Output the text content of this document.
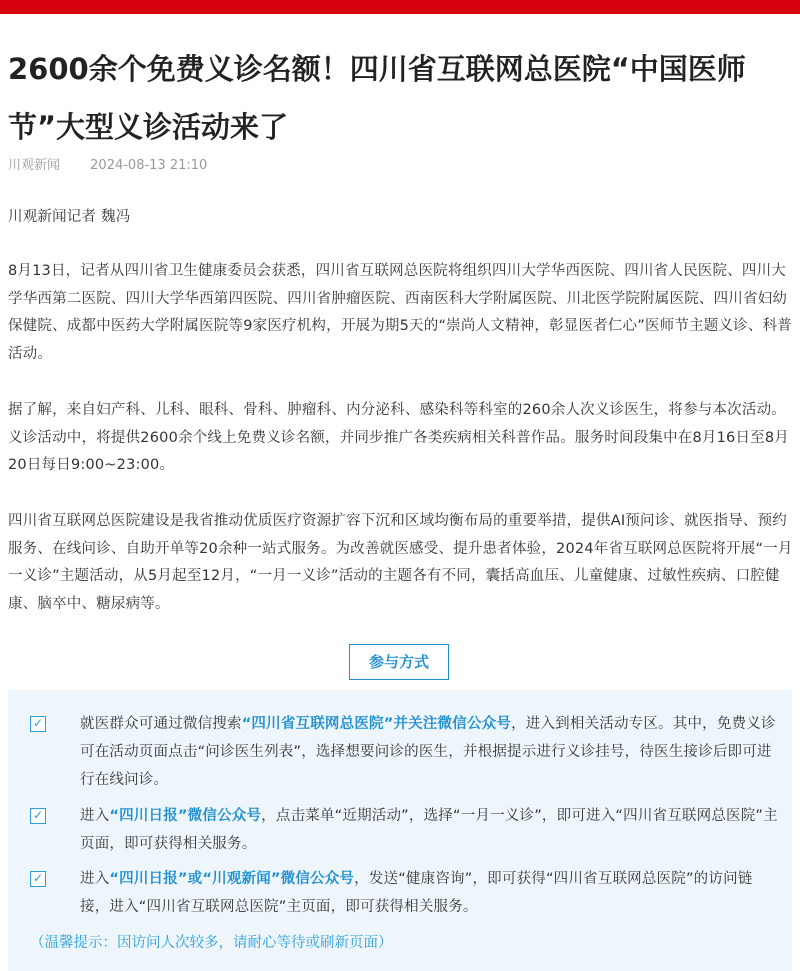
2600余个免费义诊名额！四川省互联网总医院“中国医师节”大型义诊活动来了
川观新闻 2024-08-13 21:10

川观新闻记者 魏冯

8月13日，记者从四川省卫生健康委员会获悉，四川省互联网总医院将组织四川大学华西医院、四川省人民医院、四川大学华西第二医院、四川大学华西第四医院、四川省肿瘤医院、西南医科大学附属医院、川北医学院附属医院、四川省妇幼保健院、成都中医药大学附属医院等9家医疗机构，开展为期5天的“崇尚人文精神，彰显医者仁心”医师节主题义诊、科普活动。

据了解，来自妇产科、儿科、眼科、骨科、肿瘤科、内分泌科、感染科等科室的260余人次义诊医生，将参与本次活动。义诊活动中，将提供2600余个线上免费义诊名额，并同步推广各类疾病相关科普作品。服务时间段集中在8月16日至8月20日每日9:00~23:00。

四川省互联网总医院建设是我省推动优质医疗资源扩容下沉和区域均衡布局的重要举措，提供AI预问诊、就医指导、预约服务、在线问诊、自助开单等20余种一站式服务。为改善就医感受、提升患者体验，2024年省互联网总医院将开展“一月一义诊”主题活动，从5月起至12月，“一月一义诊”活动的主题各有不同，囊括高血压、儿童健康、过敏性疾病、口腔健康、脑卒中、糖尿病等。

参与方式
✓	就医群众可通过微信搜索“四川省互联网总医院”并关注微信公众号，进入到相关活动专区。其中，免费义诊可在活动页面点击“问诊医生列表”，选择想要问诊的医生，并根据提示进行义诊挂号，待医生接诊后即可进行在线问诊。

✓	进入“四川日报”微信公众号，点击菜单“近期活动”，选择“一月一义诊”，即可进入“四川省互联网总医院”主页面，即可获得相关服务。

✓	进入“四川日报”或“川观新闻”微信公众号，发送“健康咨询”，即可获得“四川省互联网总医院”的访问链接，进入“四川省互联网总医院”主页面，即可获得相关服务。

（温馨提示：因访问人次较多，请耐心等待或刷新页面）
